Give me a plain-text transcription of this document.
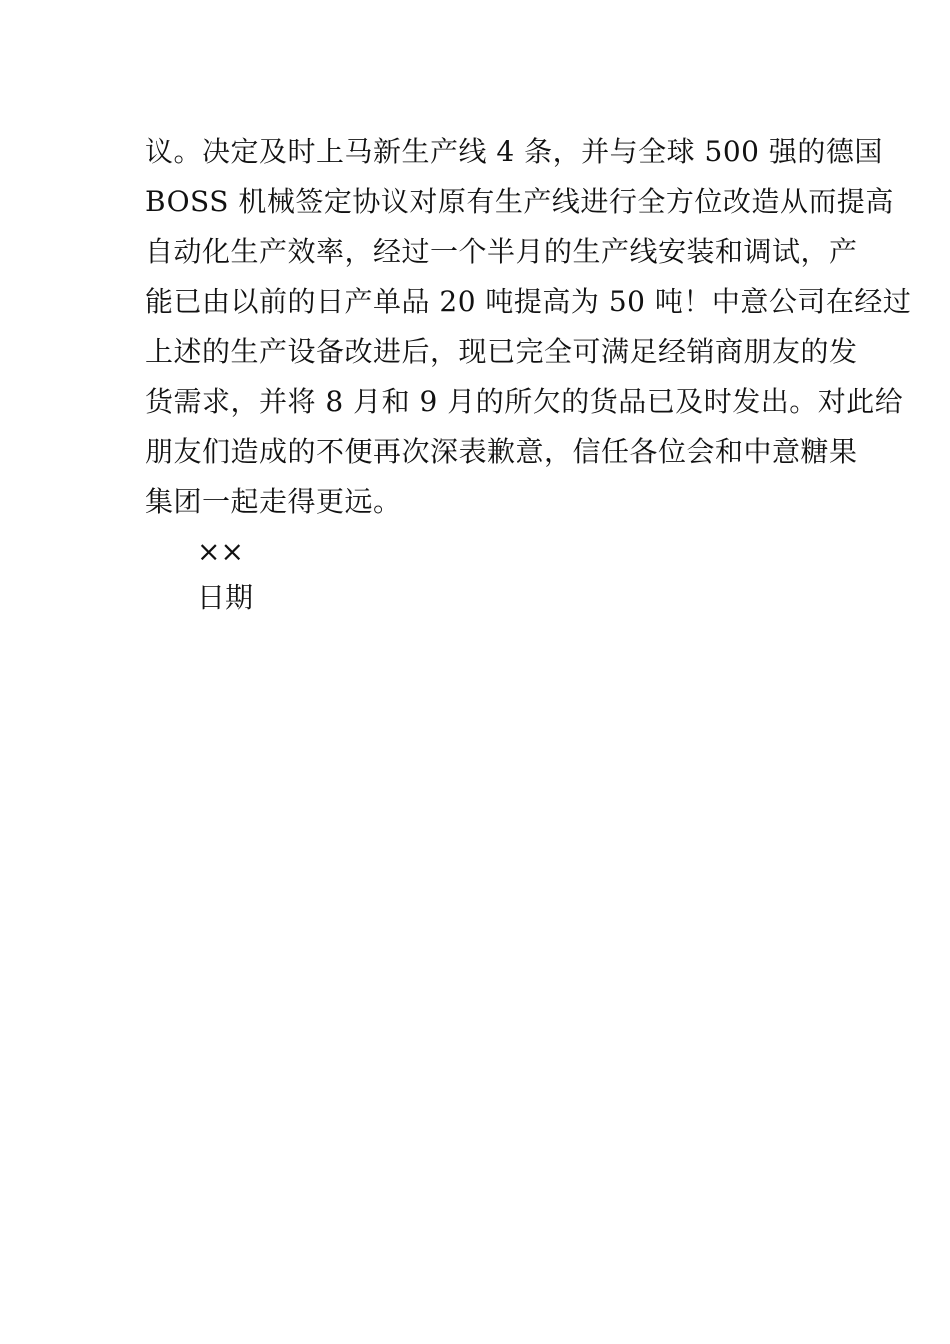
议。决定及时上马新生产线 4 条，并与全球 500 强的德国
BOSS 机械签定协议对原有生产线进行全方位改造从而提高
自动化生产效率，经过一个半月的生产线安装和调试，产
能已由以前的日产单品 20 吨提高为 50 吨！中意公司在经过
上述的生产设备改进后，现已完全可满足经销商朋友的发
货需求，并将 8 月和 9 月的所欠的货品已及时发出。对此给
朋友们造成的不便再次深表歉意，信任各位会和中意糖果
集团一起走得更远。
××
日期
